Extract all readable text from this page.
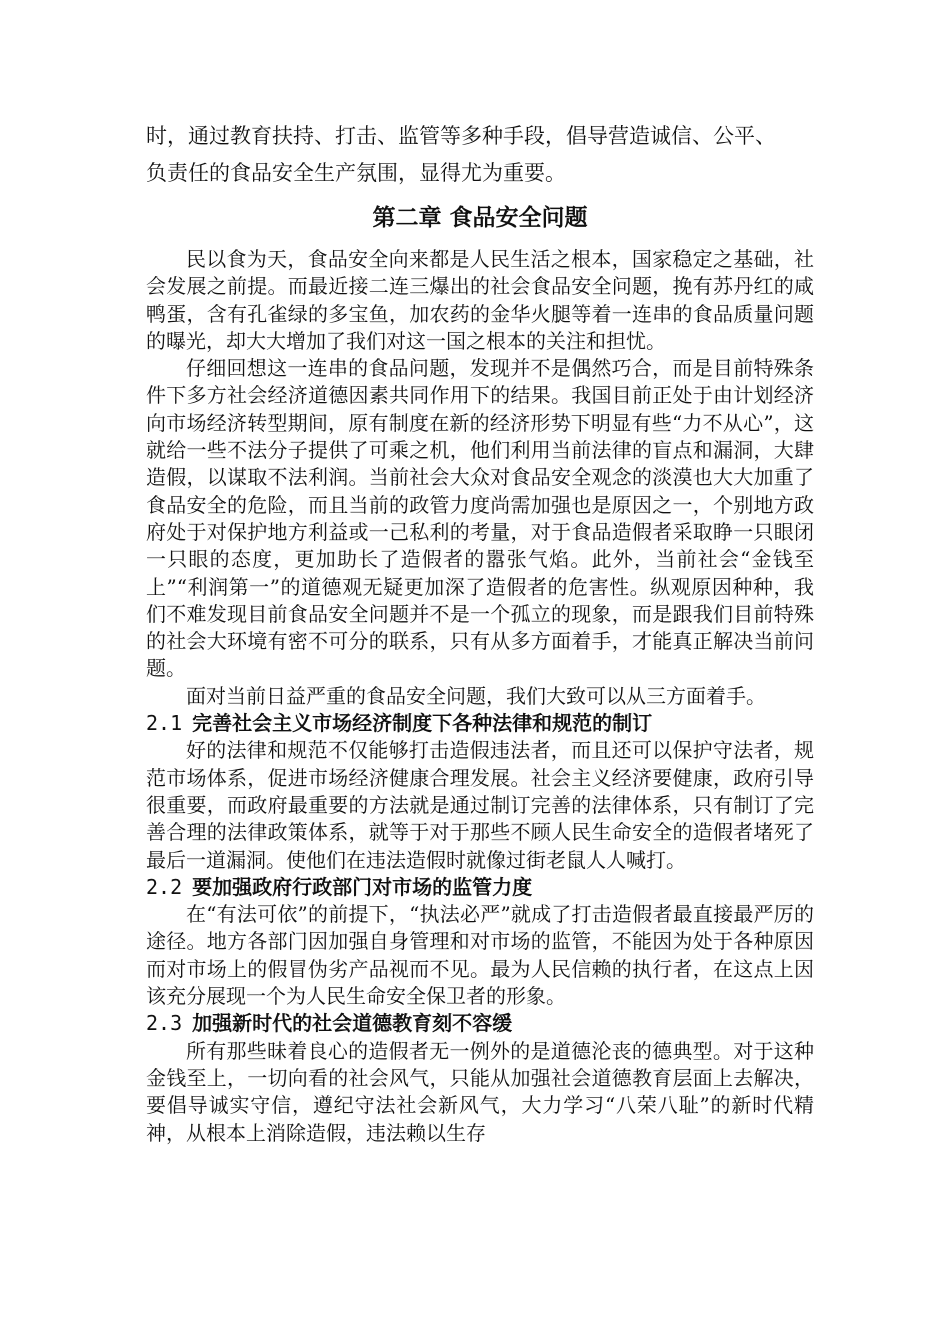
时，通过教育扶持、打击、监管等多种手段，倡导营造诚信、公平、

负责任的食品安全生产氛围，显得尤为重要。

第二章 食品安全问题

民以食为天，食品安全向来都是人民生活之根本，国家稳定之基础，社会发展之前提。而最近接二连三爆出的社会食品安全问题，挽有苏丹红的咸鸭蛋，含有孔雀绿的多宝鱼，加农药的金华火腿等着一连串的食品质量问题的曝光，却大大增加了我们对这一国之根本的关注和担忧。

仔细回想这一连串的食品问题，发现并不是偶然巧合，而是目前特殊条件下多方社会经济道德因素共同作用下的结果。我国目前正处于由计划经济向市场经济转型期间，原有制度在新的经济形势下明显有些“力不从心”，这就给一些不法分子提供了可乘之机，他们利用当前法律的盲点和漏洞，大肆造假，以谋取不法利润。当前社会大众对食品安全观念的淡漠也大大加重了食品安全的危险，而且当前的政管力度尚需加强也是原因之一，个别地方政府处于对保护地方利益或一己私利的考量，对于食品造假者采取睁一只眼闭一只眼的态度，更加助长了造假者的嚣张气焰。此外，当前社会“金钱至上”“利润第一”的道德观无疑更加深了造假者的危害性。纵观原因种种，我们不难发现目前食品安全问题并不是一个孤立的现象，而是跟我们目前特殊的社会大环境有密不可分的联系，只有从多方面着手，才能真正解决当前问题。

面对当前日益严重的食品安全问题，我们大致可以从三方面着手。

2.1 完善社会主义市场经济制度下各种法律和规范的制订

好的法律和规范不仅能够打击造假违法者，而且还可以保护守法者，规范市场体系，促进市场经济健康合理发展。社会主义经济要健康，政府引导很重要，而政府最重要的方法就是通过制订完善的法律体系，只有制订了完善合理的法律政策体系，就等于对于那些不顾人民生命安全的造假者堵死了最后一道漏洞。使他们在违法造假时就像过街老鼠人人喊打。

2.2 要加强政府行政部门对市场的监管力度

在“有法可依”的前提下，“执法必严”就成了打击造假者最直接最严厉的途径。地方各部门因加强自身管理和对市场的监管，不能因为处于各种原因而对市场上的假冒伪劣产品视而不见。最为人民信赖的执行者，在这点上因该充分展现一个为人民生命安全保卫者的形象。

2.3 加强新时代的社会道德教育刻不容缓

所有那些昧着良心的造假者无一例外的是道德沦丧的德典型。对于这种金钱至上，一切向看的社会风气，只能从加强社会道德教育层面上去解决，要倡导诚实守信，遵纪守法社会新风气，大力学习“八荣八耻”的新时代精神，从根本上消除造假，违法赖以生存
